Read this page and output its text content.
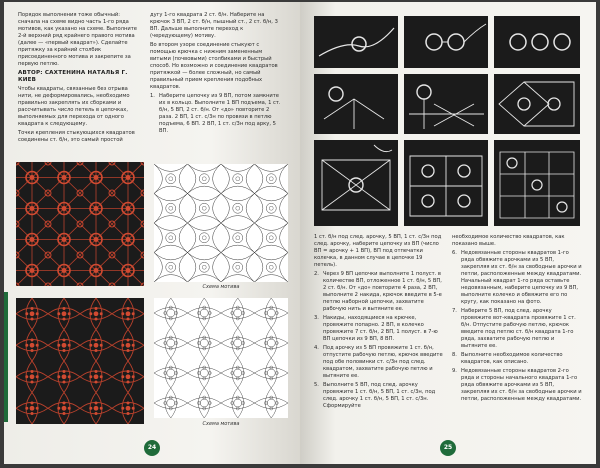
Порядок выполнения тоже обычный: сначала на схеме видно часть 1-го ряда мотивов, как указано на схеме. Выполните 2-й верхний ряд крайнего правого мотива (далее — «первый квадрат»). Сделайте притяжку за крайний столбик присоединенного мотива и закрепите за первую петлю.

АВТОР: САХТЕНИНА НАТАЛЬЯ Г. КИЕВ

Чтобы квадраты, связанные без отрыва нити, не деформировались, необходимо правильно закреплять их сборками и рассчитывать число петель в цепочках, выполняемых для перехода от одного квадрата к следующему.

Точки крепления стыкующихся квадратов соединены ст. б/н, это самый простой

дугу 1-го квадрата 2 ст. б/н. Наберите на крючок 3 ВП, 2 ст. б/н, пышный ст., 2 ст. б/н, 3 ВП. Дальше выполните переход к (чередующему) мотиву.

Во втором узоре соединение стыкуют с помощью крючка с нижним замененным витыми (почвовыми) столбиками и быстрый способ. Но возможно и соединение квадратов притяжкой — более сложный, но самый правильный прием крепления подобных квадратов.

1. Наберите цепочку из 9 ВП, потом замкните их в кольцо. Выполните 1 ВП подъема, 1 ст. б/н, 5 ВП, 2 ст. б/н. От «до» повторите 2 раза. 2 ВП, 1 ст. с/3н по провязи в петлю подъема, 6 ВП. 2 ВП, 1 ст. с/3н под арку, 5 ВП.
Схема мотива
Схема мотива
24

1 ст. б/н под след. арочку, 5 ВП, 1 ст. с/3н под след. арочку, наберите цепочку из ВП (число ВП = арочку + 1 ВП), ВП под отпечатки колечка, в данном случае в цепочке 19 петель).

2. Через 9 ВП цепочки выполните 1 полуст. в количестве ВП, отложенное 1 ст. б/н, 5 ВП, 2 ст. б/н. От «до» повторите 4 раза, 2 ВП, выполните 2 накида, крючок введите в 5-е петлю наборной цепочки, захватите рабочую нить и вытяните ее.
3. Накиды, находящиеся на крючке, провяжите попарно. 2 ВП, в колечко провяжите 7 ст. б/н, 2 ВП, 1 полуст. в 7-ю ВП цепочки из 9 ВП, 8 ВП.
4. Под арочку из 5 ВП провяжите 1 ст. б/н, отпустите рабочую петлю, крючок введите под обе половинки ст. с/3н под след. квадратом, захватите рабочую петлю и вытяните ее.
5. Выполните 5 ВП, под след. арочку провяжите 1 ст. б/н, 5 ВП, 1 ст. с/3н, под след. арочку 1 ст. б/н, 5 ВП, 1 ст. с/3н. Сформируйте

необходимое количество квадратов, как показано выше.

6. Недовязанные стороны квадратов 1-го ряда обвяжите арочками из 5 ВП, закрепляя их ст. б/н за свободные арочки и петли, расположенные между квадратами. Начальный квадрат 1-го ряда оставьте недовязанным, наберите цепочку из 9 ВП, выполните колечко и обвяжите его по кругу, как показано на фото.
7. Наберите 5 ВП, под след. арочку провяжите вот-квадрата провяжите 1 ст. б/н. Отпустите рабочую петлю, крючок введите под петлю ст. б/н квадрата 1-го ряда, захватите рабочую петлю и вытяните ее.
8. Выполните необходимое количество квадратов, как описано.
9. Недовязанные стороны квадратов 2-го ряда и стороны начального квадрата 1-го ряда обвяжите арочками из 5 ВП, закрепляя их ст. б/н за свободные арочки и петли, расположенные между квадратами.
25
